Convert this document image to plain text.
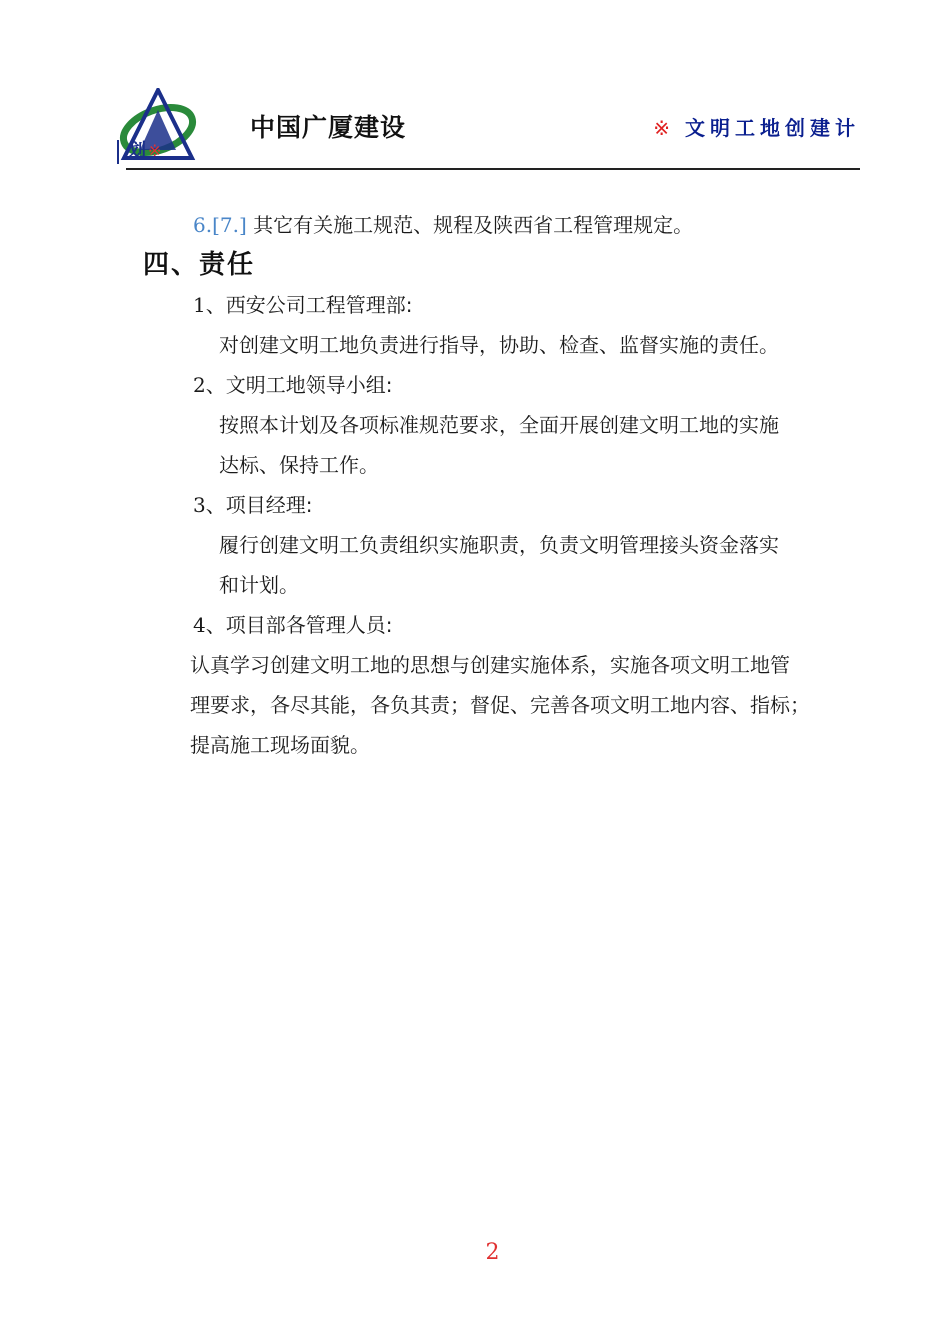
划※
中国广厦建设	※ 文明工地创建计
6.[7.] 其它有关施工规范、规程及陕西省工程管理规定。
四、责任
1、西安公司工程管理部:
对创建文明工地负责进行指导，协助、检查、监督实施的责任。
2、文明工地领导小组:
按照本计划及各项标准规范要求，全面开展创建文明工地的实施
达标、保持工作。
3、项目经理:
履行创建文明工负责组织实施职责，负责文明管理接头资金落实
和计划。
4、项目部各管理人员:
认真学习创建文明工地的思想与创建实施体系，实施各项文明工地管
理要求，各尽其能，各负其责；督促、完善各项文明工地内容、指标；
提高施工现场面貌。
2
